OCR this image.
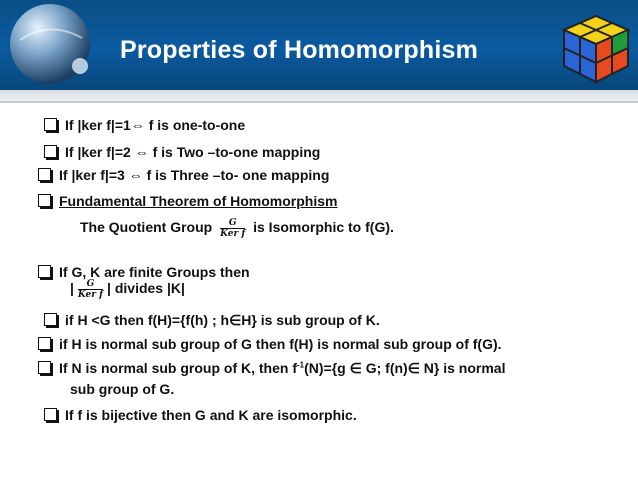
Properties of Homomorphism
If |ker f|=1⇔ f is one-to-one
If |ker f|=2 ⇔ f is Two –to-one mapping
If |ker f|=3 ⇔ f is Three –to- one mapping
Fundamental Theorem of Homomorphism
The Quotient Group $\frac{G}{\text{Ker f}}$ is Isomorphic to f(G).
If G, K are finite Groups then
| $\frac{G}{\text{Ker f}}$ | divides |K|
if H <G then f(H)={f(h) ; h∈H} is sub group of K.
if H is normal sub group of G then f(H) is normal sub group of f(G).
If N is normal sub group of K, then $f^{-1}(N)=\{g$ ∈ G; f(n)∈ N} is normal
sub group of G.
If f is bijective then G and K are isomorphic.
